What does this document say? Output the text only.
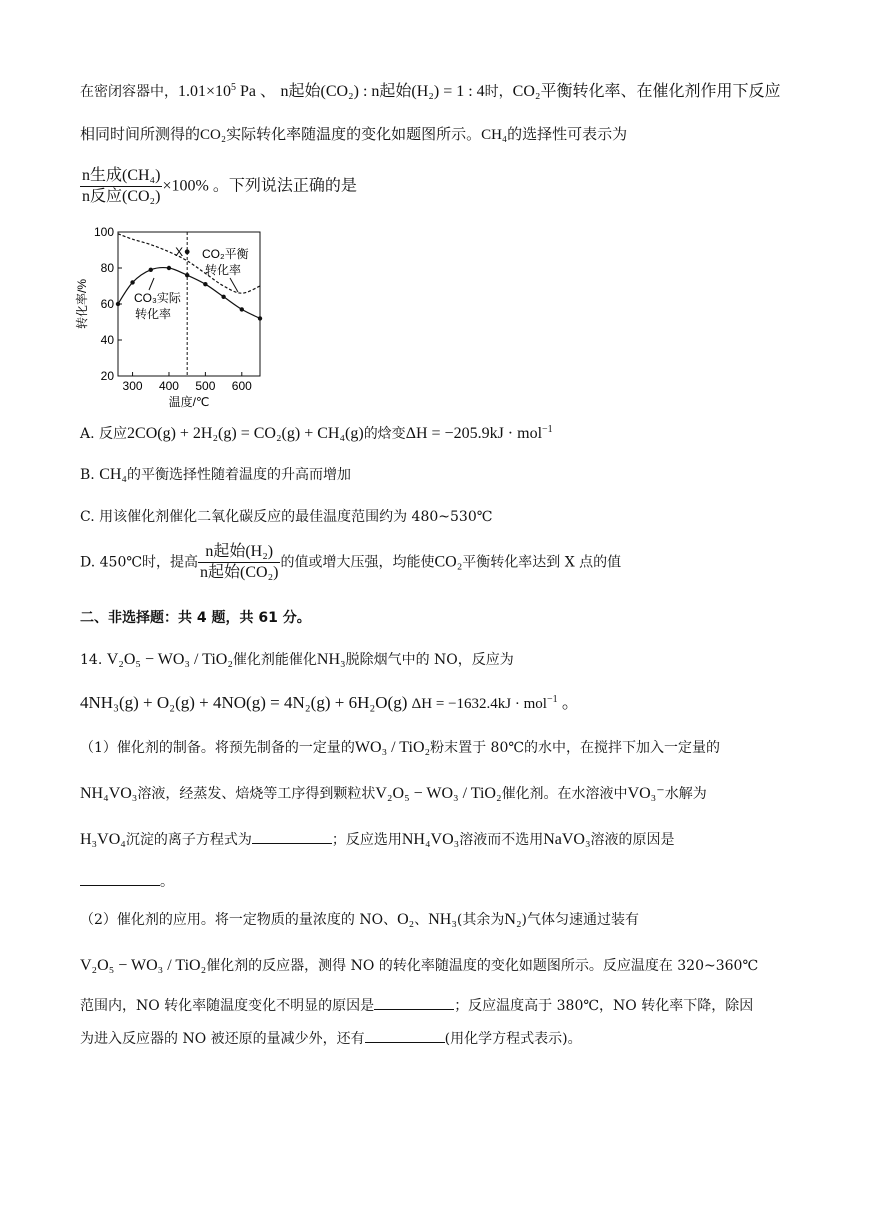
在密闭容器中，$1.01\times 10^5$ Pa 、 n起始(CO₂) : n起始(H₂) = 1 : 4时，CO₂平衡转化率、在催化剂作用下反应
相同时间所测得的CO₂实际转化率随温度的变化如题图所示。CH₄的选择性可表示为
$\frac{\text{n生成(CH₄)}}{\text{n反应(CO₂)}} \times 100\%$ 。下列说法正确的是
300 400 500 600
20
40
60
80
100
温度/℃
转化率/%
X CO₂平衡
转化率
CO₃实际
转化率
A. 反应2CO(g) + 2H₂(g) = CO₂(g) + CH₄(g)的焓变ΔH = −205.9kJ · mol$^{-1}$
B. CH₄的平衡选择性随着温度的升高而增加
C. 用该催化剂催化二氧化碳反应的最佳温度范围约为 480~530℃
D. 450℃时，提高 $\frac{\text{n起始(H₂)}}{\text{n起始(CO₂)}}$ 的值或增大压强，均能使CO₂平衡转化率达到 X 点的值
二、非选择题：共 4 题，共 61 分。
14. V₂O₅ − WO₃ / TiO₂催化剂能催化NH₃脱除烟气中的 NO，反应为
4NH₃(g) + O₂(g) + 4NO(g) = 4N₂(g) + 6H₂O(g) ΔH = −1632.4kJ · mol$^{-1}$ 。
（1）催化剂的制备。将预先制备的一定量的WO₃ / TiO₂粉末置于 80℃的水中，在搅拌下加入一定量的
NH₄VO₃溶液，经蒸发、焙烧等工序得到颗粒状V₂O₅ − WO₃ / TiO₂催化剂。在水溶液中VO₃⁻水解为
H₃VO₄沉淀的离子方程式为	；反应选用NH₄VO₃溶液而不选用NaVO₃溶液的原因是
。
（2）催化剂的应用。将一定物质的量浓度的 NO、O₂、NH₃(其余为N₂)气体匀速通过装有
V₂O₅ − WO₃ / TiO₂催化剂的反应器，测得 NO 的转化率随温度的变化如题图所示。反应温度在 320~360℃
范围内，NO 转化率随温度变化不明显的原因是	；反应温度高于 380℃，NO 转化率下降，除因
为进入反应器的 NO 被还原的量减少外，还有	(用化学方程式表示)。
